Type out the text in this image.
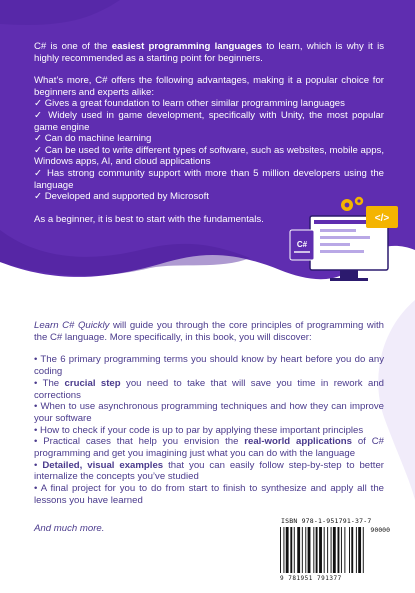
C# is one of the easiest programming languages to learn, which is why it is highly recommended as a starting point for beginners.

What’s more, C# offers the following advantages, making it a popular choice for beginners and experts alike:

✓ Gives a great foundation to learn other similar programming languages

✓ Widely used in game development, specifically with Unity, the most popular game engine

✓ Can do machine learning

✓ Can be used to write different types of software, such as websites, mobile apps, Windows apps, AI, and cloud applications

✓ Has strong community support with more than 5 million developers using the language

✓ Developed and supported by Microsoft

As a beginner, it is best to start with the fundamentals.	</>
C#

Learn C# Quickly will guide you through the core principles of programming with the C# language. More specifically, in this book, you will discover:

• The 6 primary programming terms you should know by heart before you do any coding

• The crucial step you need to take that will save you time in rework and corrections

• When to use asynchronous programming techniques and how they can improve your software

• How to check if your code is up to par by applying these important principles

• Practical cases that help you envision the real-world applications of C# programming and get you imagining just what you can do with the language

• Detailed, visual examples that you can easily follow step-by-step to better internalize the concepts you’ve studied

• A final project for you to do from start to finish to synthesize and apply all the lessons you have learned

And much more.
ISBN 978-1-951791-37-7
90000
9 781951 791377
